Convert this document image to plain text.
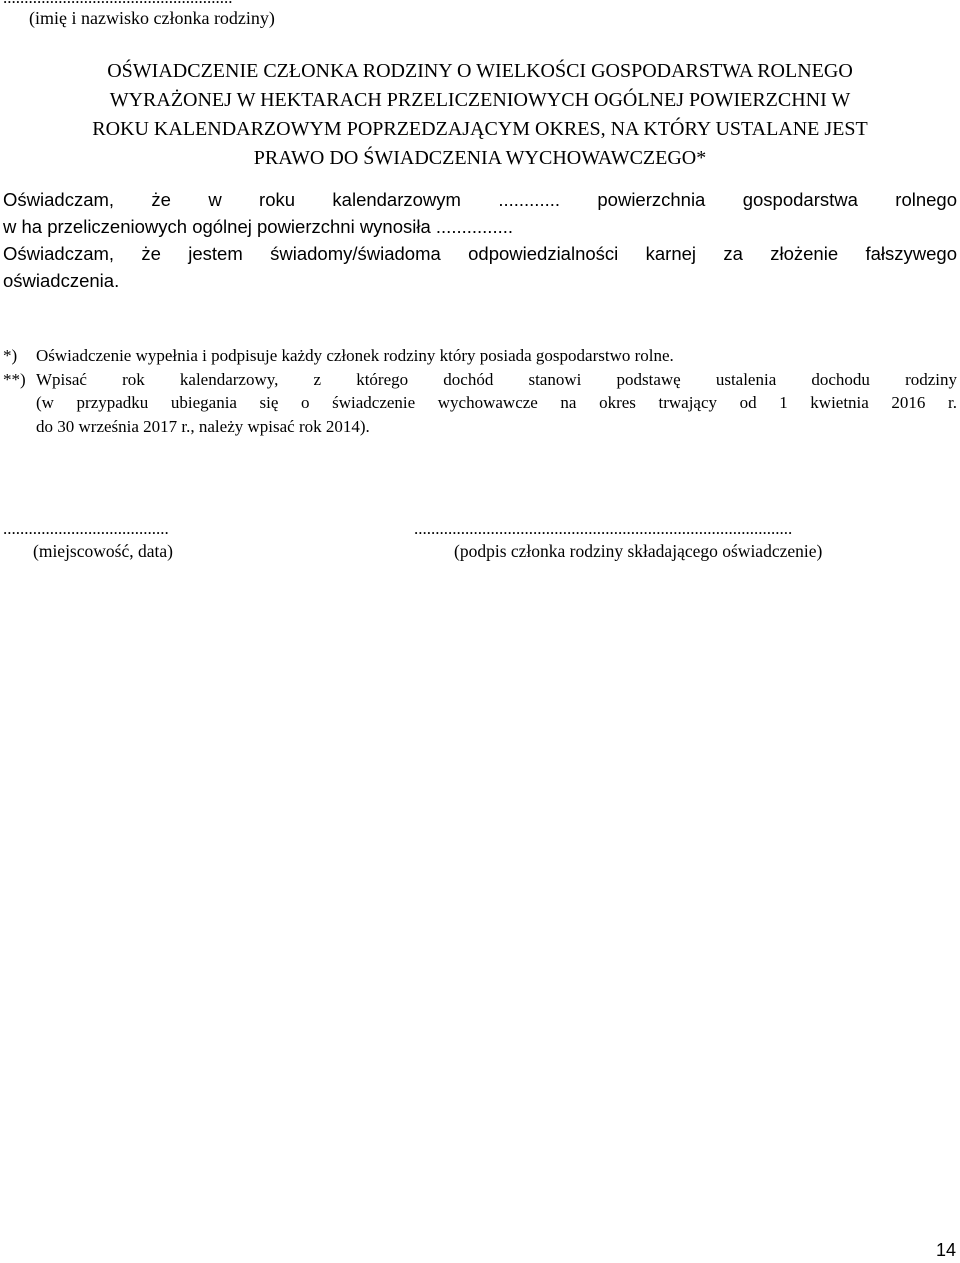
(imię i nazwisko członka rodziny)
OŚWIADCZENIE CZŁONKA RODZINY O WIELKOŚCI GOSPODARSTWA ROLNEGO
WYRAŻONEJ W HEKTARACH PRZELICZENIOWYCH OGÓLNEJ POWIERZCHNI W
ROKU KALENDARZOWYM POPRZEDZAJĄCYM OKRES, NA KTÓRY USTALANE JEST
PRAWO DO ŚWIADCZENIA WYCHOWAWCZEGO*
Oświadczam, że w roku kalendarzowym ............ powierzchnia gospodarstwa rolnego
w ha przeliczeniowych ogólnej powierzchni wynosiła ...............
Oświadczam, że jestem świadomy/świadoma odpowiedzialności karnej za złożenie fałszywego
oświadczenia.
*) Oświadczenie wypełnia i podpisuje każdy członek rodziny który posiada gospodarstwo rolne.
**) Wpisać rok kalendarzowy, z którego dochód stanowi podstawę ustalenia dochodu rodziny
(w przypadku ubiegania się o świadczenie wychowawcze na okres trwający od 1 kwietnia 2016 r.
do 30 września 2017 r., należy wpisać rok 2014).
.......................................	.........................................................................................
(miejscowość, data)	(podpis członka rodziny składającego oświadczenie)
14
